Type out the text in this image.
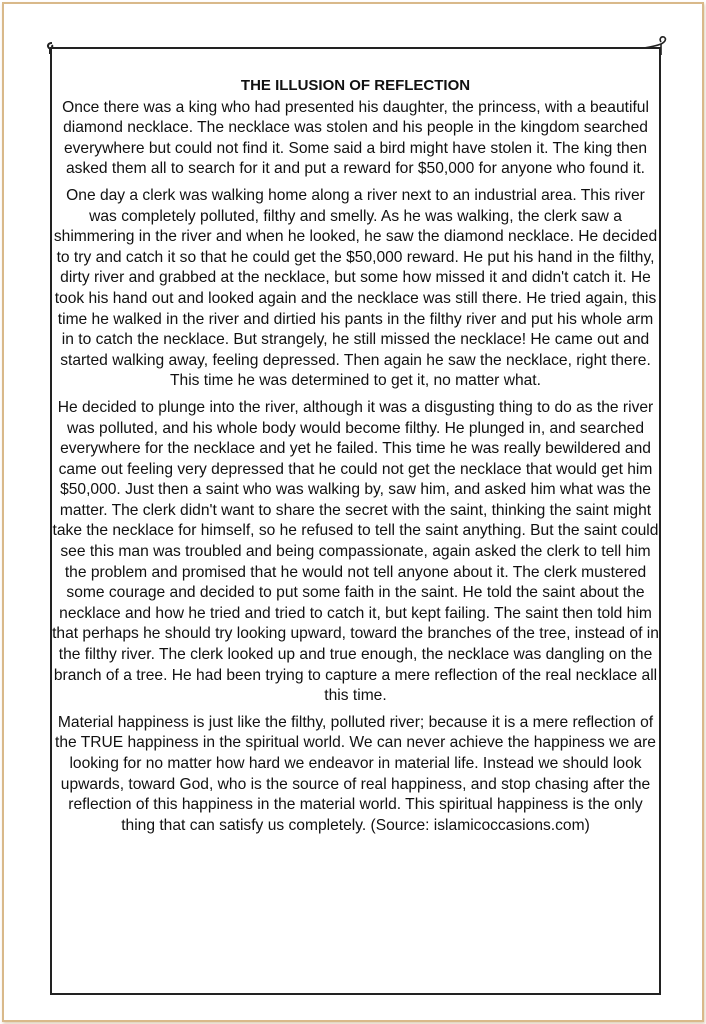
THE ILLUSION OF REFLECTION

Once there was a king who had presented his daughter, the princess, with a beautiful diamond necklace. The necklace was stolen and his people in the kingdom searched everywhere but could not find it. Some said a bird might have stolen it. The king then asked them all to search for it and put a reward for $50,000 for anyone who found it.

One day a clerk was walking home along a river next to an industrial area. This river was completely polluted, filthy and smelly. As he was walking, the clerk saw a shimmering in the river and when he looked, he saw the diamond necklace. He decided to try and catch it so that he could get the $50,000 reward. He put his hand in the filthy, dirty river and grabbed at the necklace, but some how missed it and didn't catch it. He took his hand out and looked again and the necklace was still there. He tried again, this time he walked in the river and dirtied his pants in the filthy river and put his whole arm in to catch the necklace. But strangely, he still missed the necklace! He came out and started walking away, feeling depressed. Then again he saw the necklace, right there. This time he was determined to get it, no matter what.

He decided to plunge into the river, although it was a disgusting thing to do as the river was polluted, and his whole body would become filthy. He plunged in, and searched everywhere for the necklace and yet he failed. This time he was really bewildered and came out feeling very depressed that he could not get the necklace that would get him $50,000. Just then a saint who was walking by, saw him, and asked him what was the matter. The clerk didn't want to share the secret with the saint, thinking the saint might take the necklace for himself, so he refused to tell the saint anything. But the saint could see this man was troubled and being compassionate, again asked the clerk to tell him the problem and promised that he would not tell anyone about it. The clerk mustered some courage and decided to put some faith in the saint. He told the saint about the necklace and how he tried and tried to catch it, but kept failing. The saint then told him that perhaps he should try looking upward, toward the branches of the tree, instead of in the filthy river. The clerk looked up and true enough, the necklace was dangling on the branch of a tree. He had been trying to capture a mere reflection of the real necklace all this time.

Material happiness is just like the filthy, polluted river; because it is a mere reflection of the TRUE happiness in the spiritual world. We can never achieve the happiness we are looking for no matter how hard we endeavor in material life. Instead we should look upwards, toward God, who is the source of real happiness, and stop chasing after the reflection of this happiness in the material world. This spiritual happiness is the only thing that can satisfy us completely. (Source: islamicoccasions.com)
